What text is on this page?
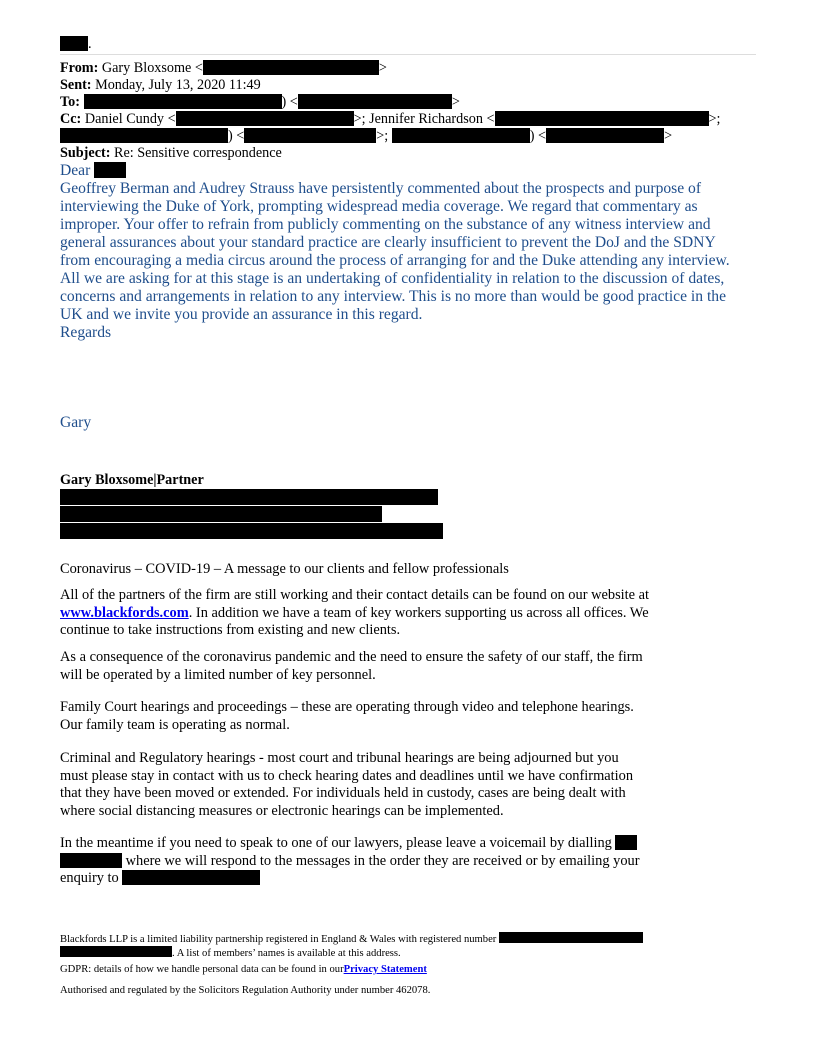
.
From: Gary Bloxsome <	>
Sent: Monday, July 13, 2020 11:49
To:	) <	>
Cc: Daniel Cundy <	>; Jennifer Richardson <	>;
) <	>;	) <	>
Subject: Re: Sensitive correspondence
Dear
Geoffrey Berman and Audrey Strauss have persistently commented about the prospects and purpose of
interviewing the Duke of York, prompting widespread media coverage. We regard that commentary as
improper. Your offer to refrain from publicly commenting on the substance of any witness interview and
general assurances about your standard practice are clearly insufficient to prevent the DoJ and the SDNY
from encouraging a media circus around the process of arranging for and the Duke attending any interview.
All we are asking for at this stage is an undertaking of confidentiality in relation to the discussion of dates,
concerns and arrangements in relation to any interview. This is no more than would be good practice in the
UK and we invite you provide an assurance in this regard.
Regards
Gary
Gary Bloxsome|Partner
Coronavirus – COVID-19 – A message to our clients and fellow professionals
All of the partners of the firm are still working and their contact details can be found on our website at
www.blackfords.com. In addition we have a team of key workers supporting us across all offices. We
continue to take instructions from existing and new clients.
As a consequence of the coronavirus pandemic and the need to ensure the safety of our staff, the firm
will be operated by a limited number of key personnel.
Family Court hearings and proceedings – these are operating through video and telephone hearings.
Our family team is operating as normal.
Criminal and Regulatory hearings - most court and tribunal hearings are being adjourned but you
must please stay in contact with us to check hearing dates and deadlines until we have confirmation
that they have been moved or extended. For individuals held in custody, cases are being dealt with
where social distancing measures or electronic hearings can be implemented.
In the meantime if you need to speak to one of our lawyers, please leave a voicemail by dialling
where we will respond to the messages in the order they are received or by emailing your
enquiry to
Blackfords LLP is a limited liability partnership registered in England & Wales with registered number
. A list of members’ names is available at this address.
GDPR: details of how we handle personal data can be found in ourPrivacy Statement
Authorised and regulated by the Solicitors Regulation Authority under number 462078.
